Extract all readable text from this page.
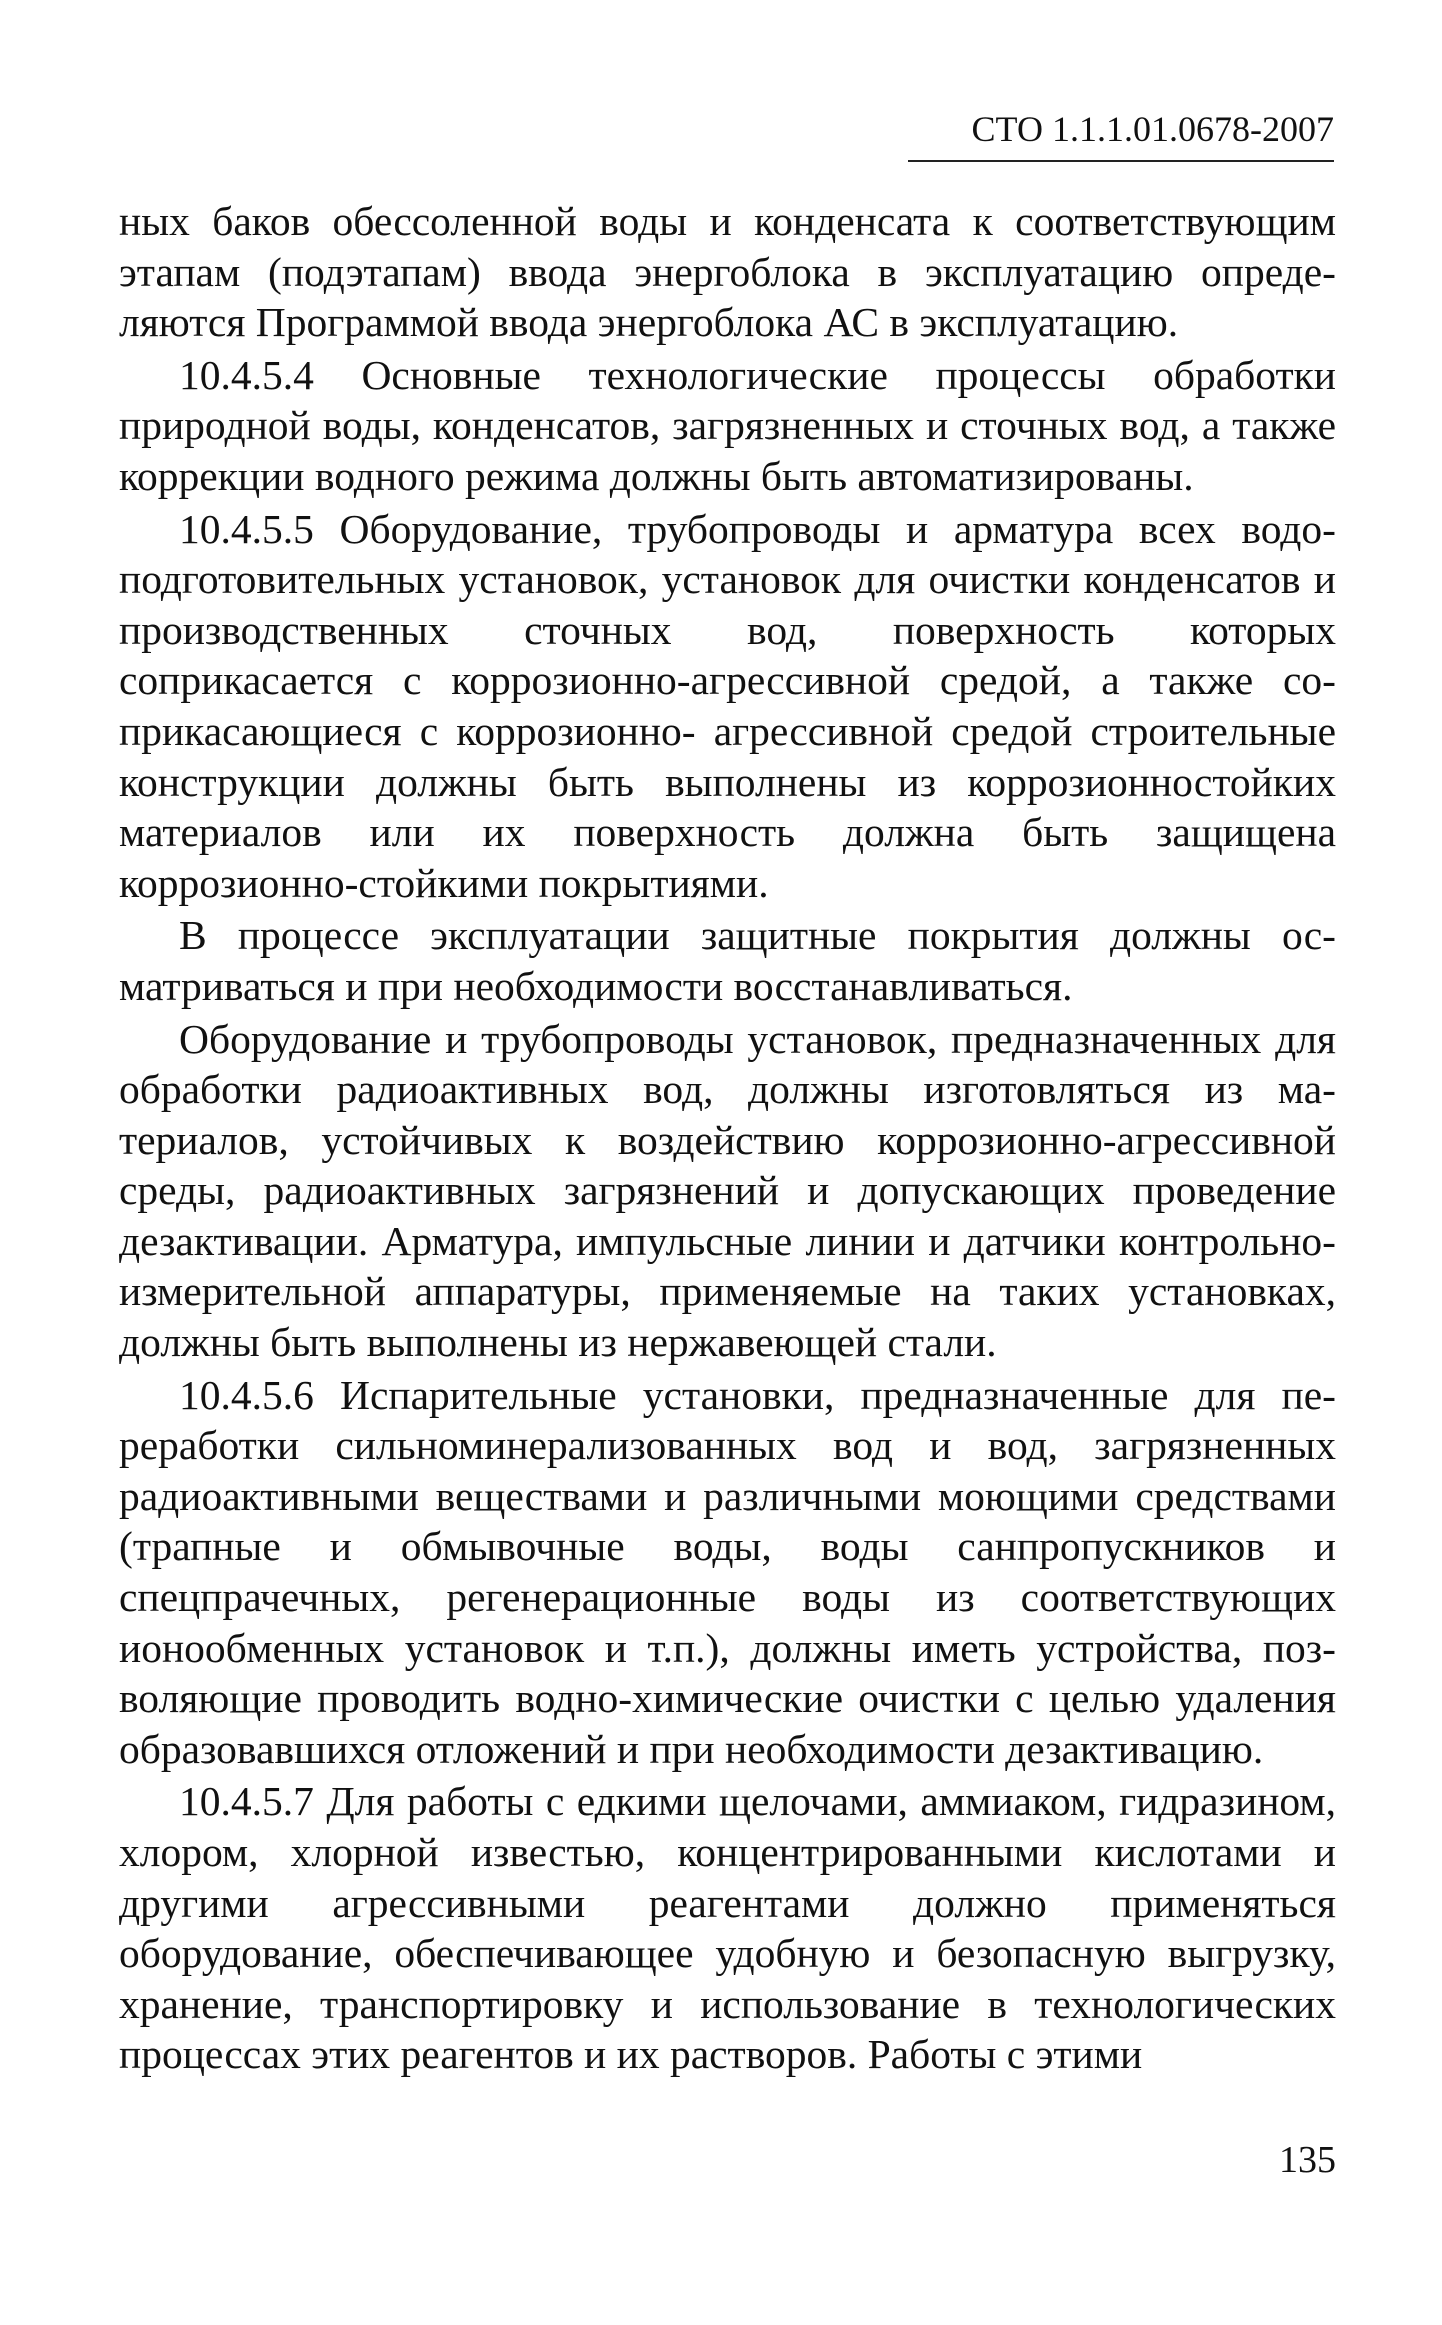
СТО 1.1.1.01.0678-2007

ных баков обессоленной воды и конденсата к соответствующим этапам (подэтапам) ввода энергоблока в эксплуатацию определяются Программой ввода энергоблока АС в эксплуатацию.

10.4.5.4 Основные технологические процессы обработки природной воды, конденсатов, загрязненных и сточных вод, а также коррекции водного режима должны быть автоматизированы.

10.4.5.5 Оборудование, трубопроводы и арматура всех водоподготовительных установок, установок для очистки конденсатов и производственных сточных вод, поверхность которых соприкасается с коррозионно-агрессивной средой, а также соприкасающиеся с коррозионно- агрессивной средой строительные конструкции должны быть выполнены из коррозионностойких материалов или их поверхность должна быть защищена коррозионно-стойкими покрытиями.

В процессе эксплуатации защитные покрытия должны осматриваться и при необходимости восстанавливаться.

Оборудование и трубопроводы установок, предназначенных для обработки радиоактивных вод, должны изготовляться из материалов, устойчивых к воздействию коррозионно-агрессивной среды, радиоактивных загрязнений и допускающих проведение дезактивации. Арматура, импульсные линии и датчики контрольно-измерительной аппаратуры, применяемые на таких установках, должны быть выполнены из нержавеющей стали.

10.4.5.6 Испарительные установки, предназначенные для переработки сильноминерализованных вод и вод, загрязненных радиоактивными веществами и различными моющими средствами (трапные и обмывочные воды, воды санпропускников и спецпрачечных, регенерационные воды из соответствующих ионообменных установок и т.п.), должны иметь устройства, позволяющие проводить водно-химические очистки с целью удаления образовавшихся отложений и при необходимости дезактивацию.

10.4.5.7 Для работы с едкими щелочами, аммиаком, гидразином, хлором, хлорной известью, концентрированными кислотами и другими агрессивными реагентами должно применяться оборудование, обеспечивающее удобную и безопасную выгрузку, хранение, транспортировку и использование в технологических процессах этих реагентов и их растворов. Работы с этими

135
